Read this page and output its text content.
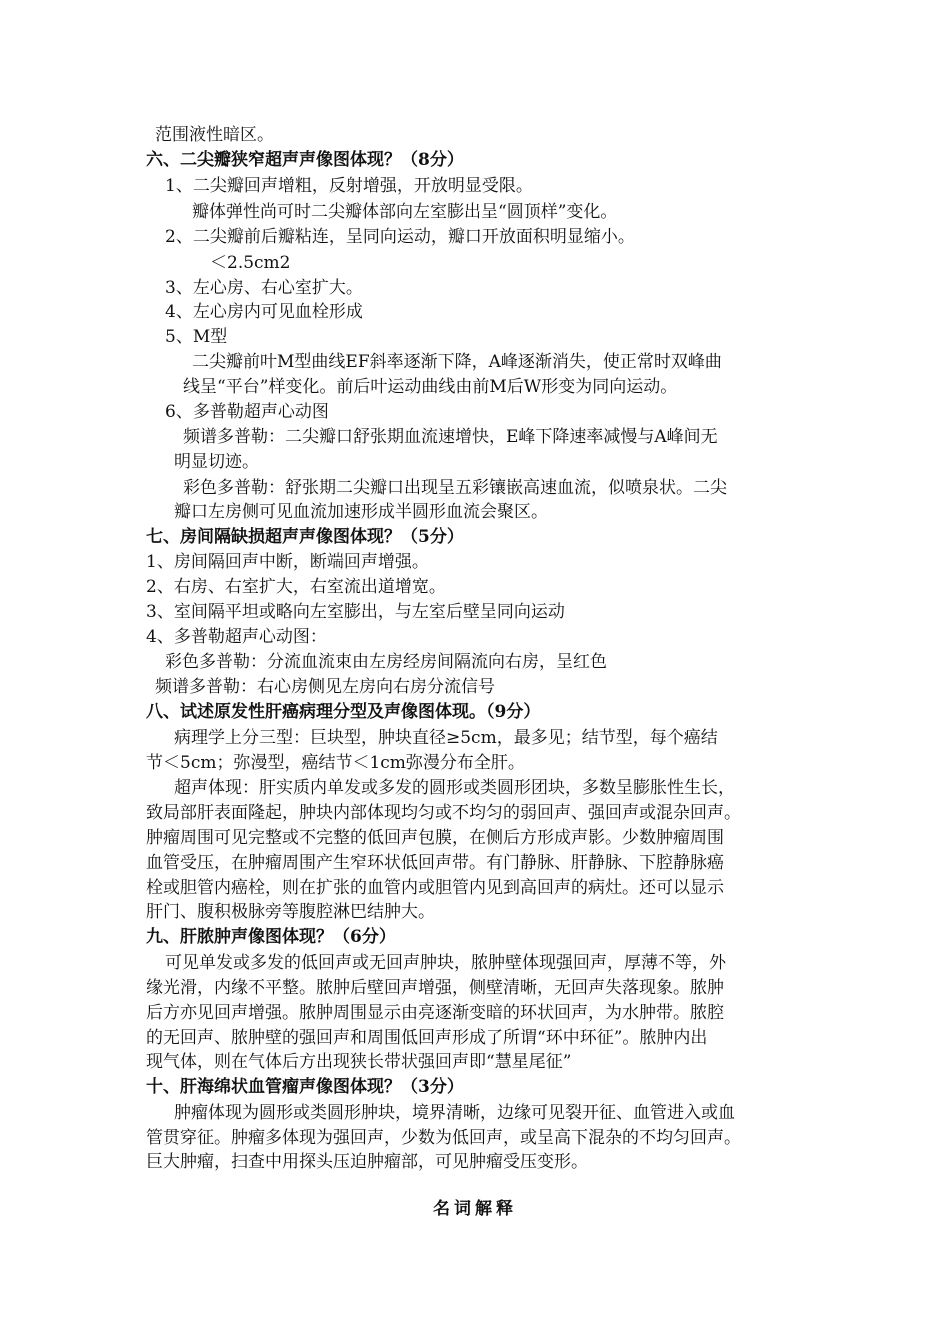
范围液性暗区。
六、二尖瓣狭窄超声声像图体现？（8分）
1、二尖瓣回声增粗，反射增强，开放明显受限。
瓣体弹性尚可时二尖瓣体部向左室膨出呈“圆顶样”变化。
2、二尖瓣前后瓣粘连，呈同向运动，瓣口开放面积明显缩小。
＜2.5cm2
3、左心房、右心室扩大。
4、左心房内可见血栓形成
5、M型
二尖瓣前叶M型曲线EF斜率逐渐下降，A峰逐渐消失，使正常时双峰曲
线呈“平台”样变化。前后叶运动曲线由前M后W形变为同向运动。
6、多普勒超声心动图
频谱多普勒：二尖瓣口舒张期血流速增快，E峰下降速率减慢与A峰间无
明显切迹。
彩色多普勒：舒张期二尖瓣口出现呈五彩镶嵌高速血流，似喷泉状。二尖
瓣口左房侧可见血流加速形成半圆形血流会聚区。
七、房间隔缺损超声声像图体现？（5分）
1、房间隔回声中断，断端回声增强。
2、右房、右室扩大，右室流出道增宽。
3、室间隔平坦或略向左室膨出，与左室后壁呈同向运动
4、多普勒超声心动图：
彩色多普勒：分流血流束由左房经房间隔流向右房，呈红色
频谱多普勒：右心房侧见左房向右房分流信号
八、试述原发性肝癌病理分型及声像图体现。（9分）
病理学上分三型：巨块型，肿块直径≥5cm，最多见；结节型，每个癌结
节＜5cm；弥漫型，癌结节＜1cm弥漫分布全肝。
超声体现：肝实质内单发或多发的圆形或类圆形团块，多数呈膨胀性生长，
致局部肝表面隆起，肿块内部体现均匀或不均匀的弱回声、强回声或混杂回声。
肿瘤周围可见完整或不完整的低回声包膜，在侧后方形成声影。少数肿瘤周围
血管受压，在肿瘤周围产生窄环状低回声带。有门静脉、肝静脉、下腔静脉癌
栓或胆管内癌栓，则在扩张的血管内或胆管内见到高回声的病灶。还可以显示
肝门、腹积极脉旁等腹腔淋巴结肿大。
九、肝脓肿声像图体现？（6分）
可见单发或多发的低回声或无回声肿块，脓肿壁体现强回声，厚薄不等，外
缘光滑，内缘不平整。脓肿后壁回声增强，侧壁清晰，无回声失落现象。脓肿
后方亦见回声增强。脓肿周围显示由亮逐渐变暗的环状回声，为水肿带。脓腔
的无回声、脓肿壁的强回声和周围低回声形成了所谓“环中环征”。脓肿内出
现气体，则在气体后方出现狭长带状强回声即“慧星尾征”
十、肝海绵状血管瘤声像图体现？（3分）
肿瘤体现为圆形或类圆形肿块，境界清晰，边缘可见裂开征、血管进入或血
管贯穿征。肿瘤多体现为强回声，少数为低回声，或呈高下混杂的不均匀回声。
巨大肿瘤，扫查中用探头压迫肿瘤部，可见肿瘤受压变形。
名词解释
